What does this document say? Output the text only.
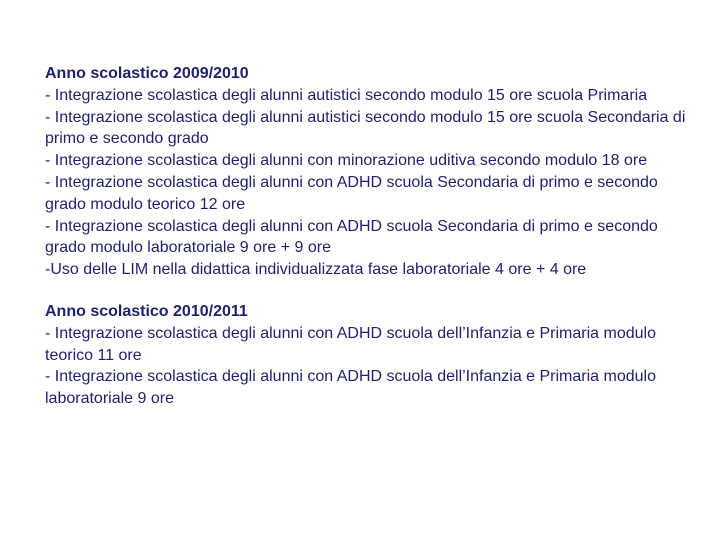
Anno scolastico 2009/2010
- Integrazione scolastica degli alunni autistici secondo modulo 15 ore scuola Primaria
- Integrazione scolastica degli alunni autistici secondo modulo 15 ore scuola Secondaria di primo e secondo grado
- Integrazione scolastica degli alunni con minorazione uditiva secondo modulo 18 ore
- Integrazione scolastica degli alunni con ADHD scuola Secondaria di primo e secondo grado modulo teorico 12 ore
- Integrazione scolastica degli alunni con ADHD scuola Secondaria di primo e secondo grado modulo laboratoriale 9 ore + 9 ore
-Uso delle LIM nella didattica individualizzata fase laboratoriale 4 ore + 4 ore
Anno scolastico 2010/2011
- Integrazione scolastica degli alunni con ADHD scuola dell’Infanzia e Primaria modulo teorico 11 ore
- Integrazione scolastica degli alunni con ADHD scuola dell’Infanzia e Primaria modulo laboratoriale 9 ore
